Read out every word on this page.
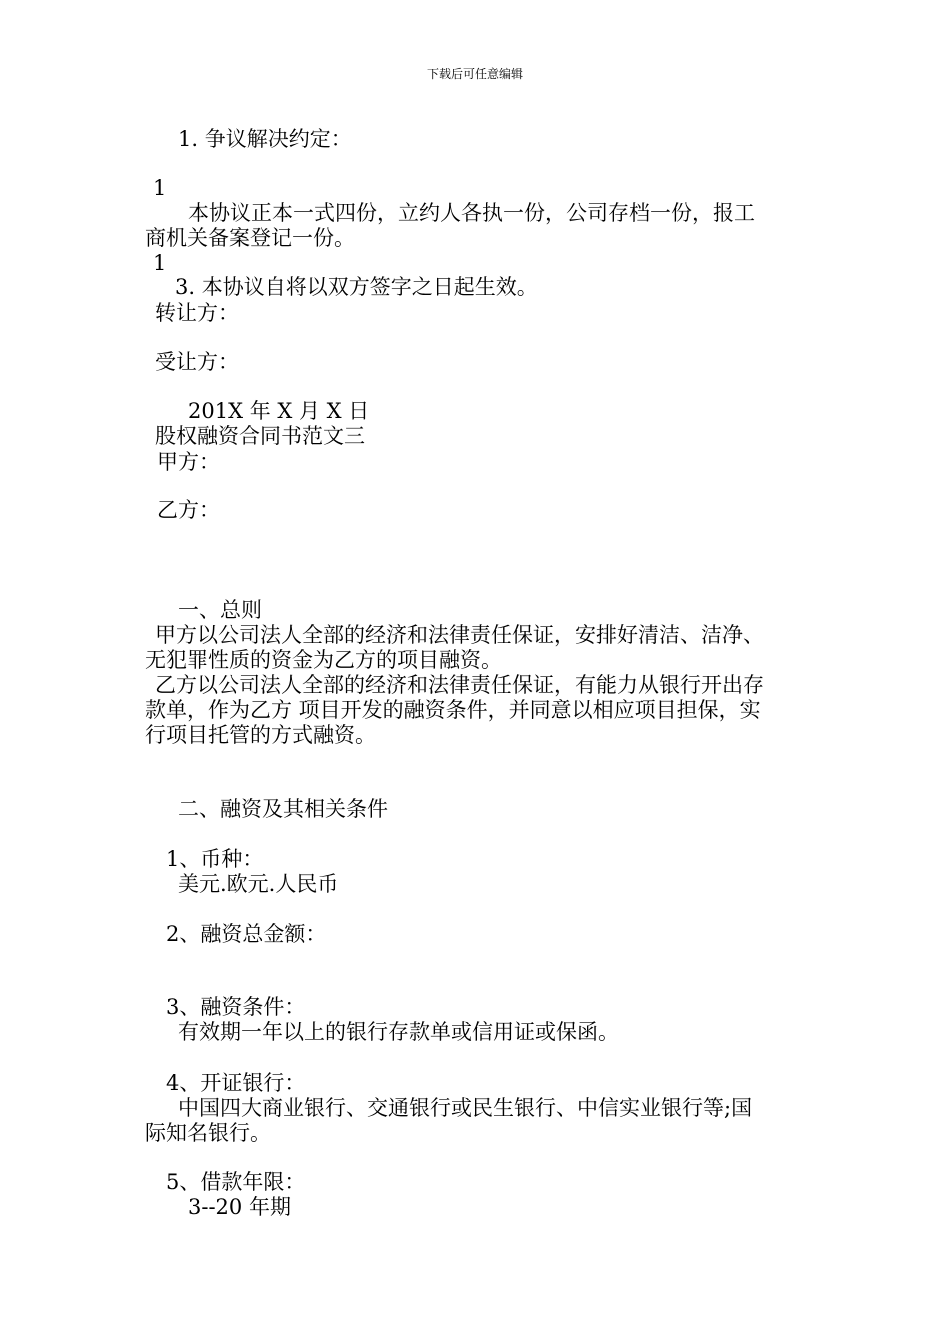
下载后可任意编辑
1. 争议解决约定：
1
本协议正本一式四份，立约人各执一份，公司存档一份，报工
商机关备案登记一份。
1
3. 本协议自将以双方签字之日起生效。
转让方：
受让方：
201X 年 X 月 X 日
股权融资合同书范文三
甲方：
乙方：
一、总则
甲方以公司法人全部的经济和法律责任保证，安排好清洁、洁净、
无犯罪性质的资金为乙方的项目融资。
乙方以公司法人全部的经济和法律责任保证，有能力从银行开出存
款单，作为乙方 项目开发的融资条件，并同意以相应项目担保，实
行项目托管的方式融资。
二、融资及其相关条件
1、币种：
美元.欧元.人民币
2、融资总金额：
3、融资条件：
有效期一年以上的银行存款单或信用证或保函。
4、开证银行：
中国四大商业银行、交通银行或民生银行、中信实业银行等;国
际知名银行。
5、借款年限：
3--20 年期
